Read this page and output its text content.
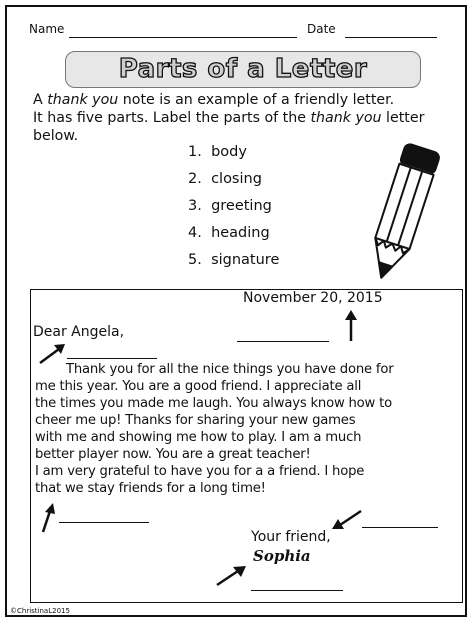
Name	Date
Parts of a Letter
A thank you note is an example of a friendly letter.
It has five parts. Label the parts of the thank you letter
below.
1. body
2. closing
3. greeting
4. heading
5. signature
November 20, 2015
Dear Angela,
Thank you for all the nice things you have done for
me this year. You are a good friend. I appreciate all
the times you made me laugh. You always know how to
cheer me up! Thanks for sharing your new games
with me and showing me how to play. I am a much
better player now. You are a great teacher!
I am very grateful to have you for a a friend. I hope
that we stay friends for a long time!
Your friend,
Sophia
©ChristinaL2015
